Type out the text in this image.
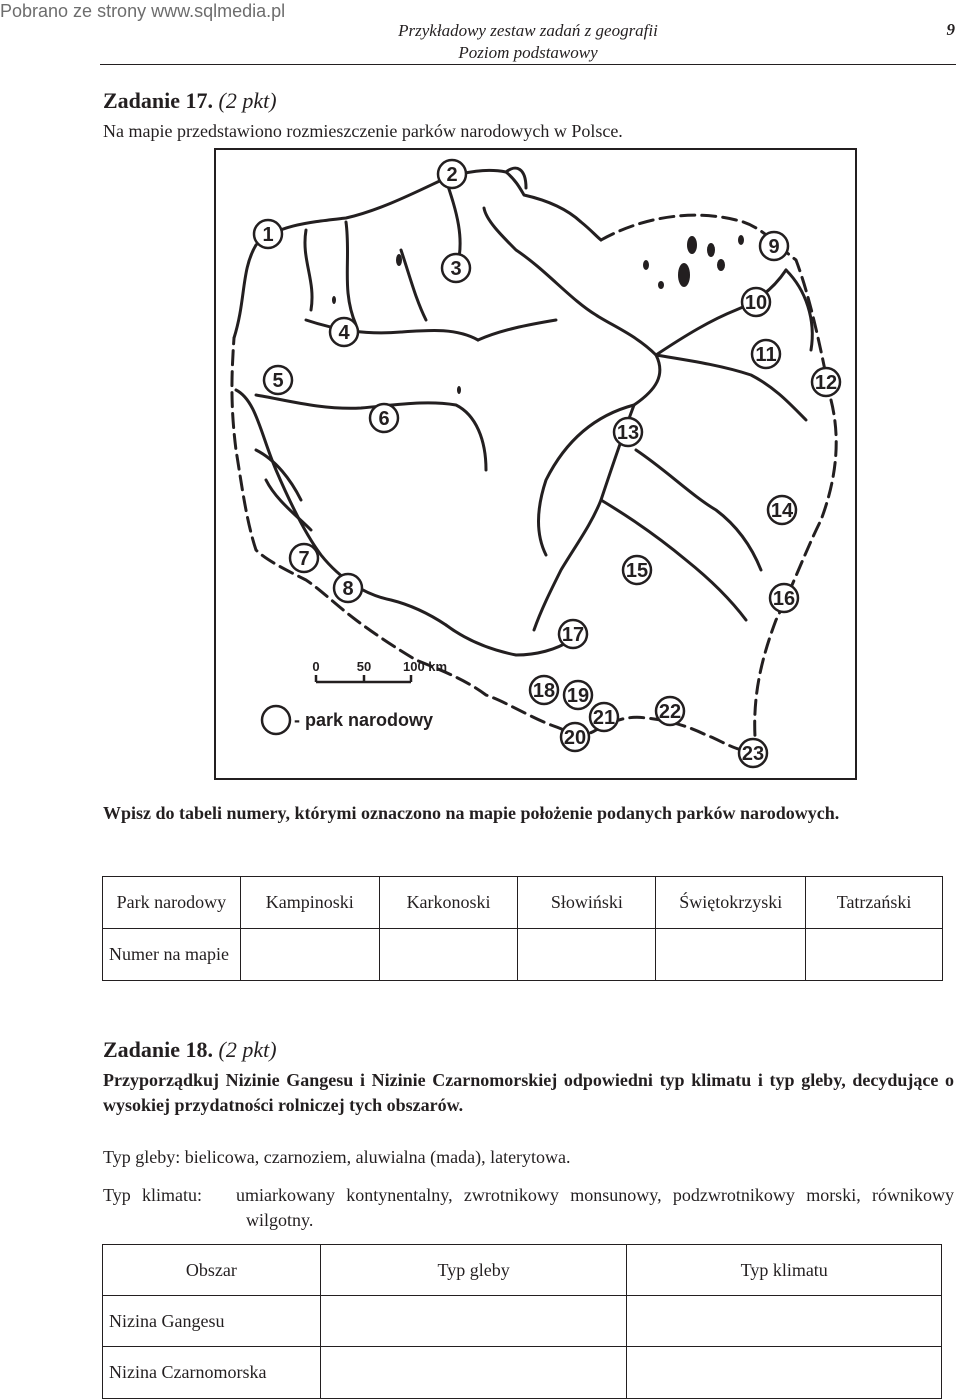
Pobrano ze strony www.sqlmedia.pl
Przykładowy zestaw zadań z geografii
Poziom podstawowy
9
Zadanie 17. (2 pkt)
Na mapie przedstawiono rozmieszczenie parków narodowych w Polsce.
1
2
3
4
5
6
7
8
9
10
11
12
13
14
15
16
17
18 19
20
21 22
23
0	50 100 km
- park narodowy
Wpisz do tabeli numery, którymi oznaczono na mapie położenie podanych parków narodowych.
Park narodowy	Kampinoski	Karkonoski	Słowiński	Świętokrzyski	Tatrzański
Numer na mapie					
Zadanie 18. (2 pkt)
Przyporządkuj Nizinie Gangesu i Nizinie Czarnomorskiej odpowiedni typ klimatu i typ gleby, decydujące o wysokiej przydatności rolniczej tych obszarów.
Typ gleby: bielicowa, czarnoziem, aluwialna (mada), laterytowa.
Typ klimatu: umiarkowany kontynentalny, zwrotnikowy monsunowy, podzwrotnikowy morski, równikowy wilgotny.
Obszar	Typ gleby	Typ klimatu
Nizina Gangesu		
Nizina Czarnomorska		
